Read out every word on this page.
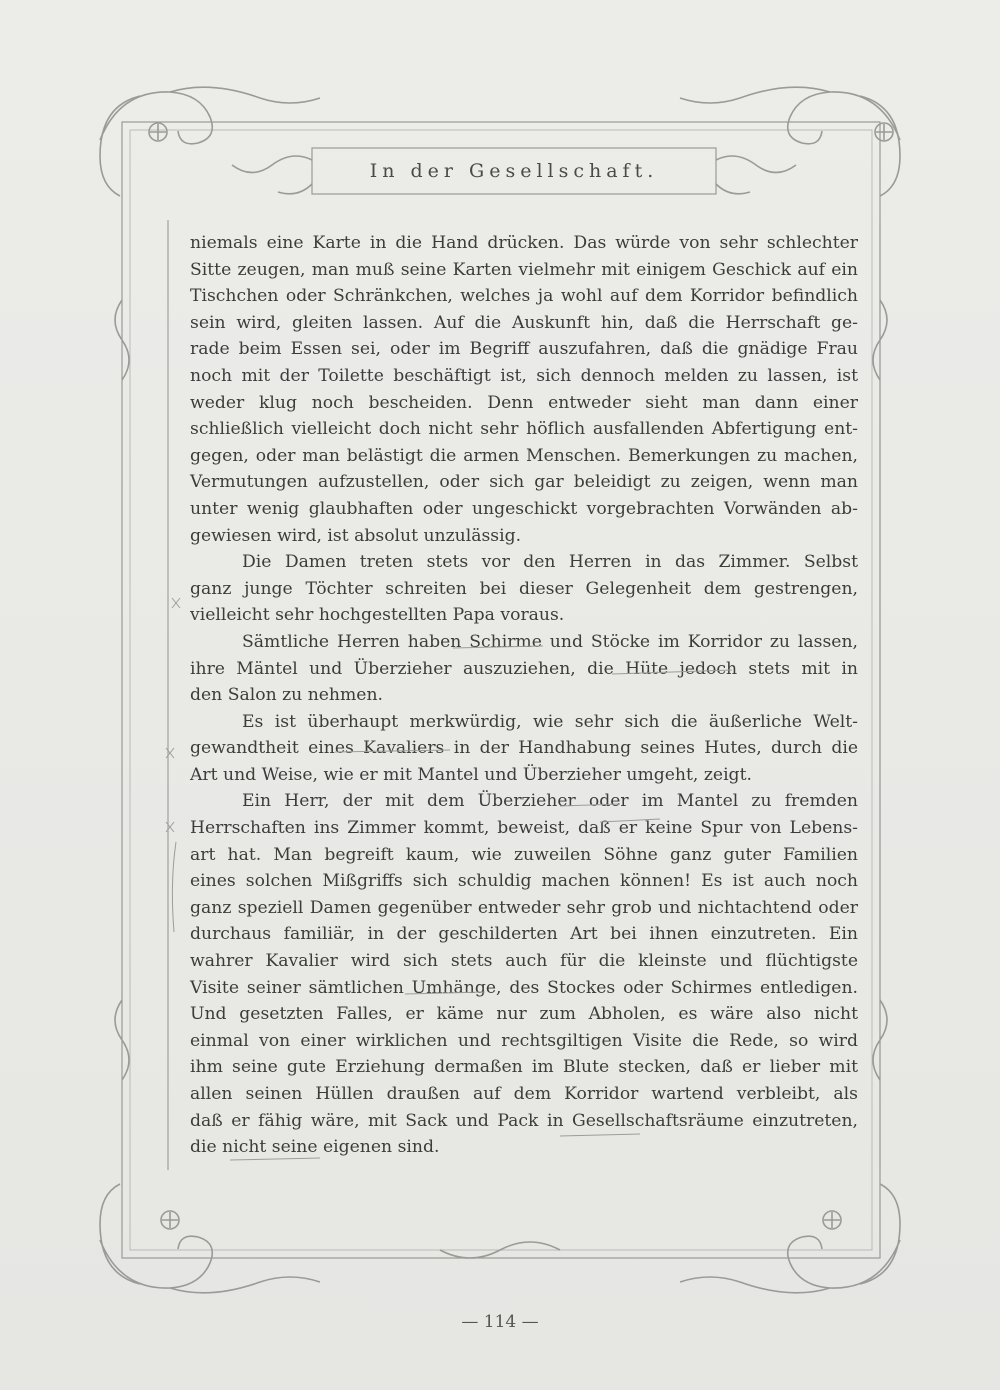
In der Gesellschaft.
niemals eine Karte in die Hand drücken. Das würde von sehr schlechter
Sitte zeugen, man muß seine Karten vielmehr mit einigem Geschick auf ein
Tischchen oder Schränkchen, welches ja wohl auf dem Korridor befindlich
sein wird, gleiten lassen. Auf die Auskunft hin, daß die Herrschaft ge-
rade beim Essen sei, oder im Begriff auszufahren, daß die gnädige Frau
noch mit der Toilette beschäftigt ist, sich dennoch melden zu lassen, ist
weder klug noch bescheiden. Denn entweder sieht man dann einer
schließlich vielleicht doch nicht sehr höflich ausfallenden Abfertigung ent-
gegen, oder man belästigt die armen Menschen. Bemerkungen zu machen,
Vermutungen aufzustellen, oder sich gar beleidigt zu zeigen, wenn man
unter wenig glaubhaften oder ungeschickt vorgebrachten Vorwänden ab-
gewiesen wird, ist absolut unzulässig.
Die Damen treten stets vor den Herren in das Zimmer. Selbst
ganz junge Töchter schreiten bei dieser Gelegenheit dem gestrengen,
vielleicht sehr hochgestellten Papa voraus.
Sämtliche Herren haben Schirme und Stöcke im Korridor zu lassen,
ihre Mäntel und Überzieher auszuziehen, die Hüte jedoch stets mit in
den Salon zu nehmen.
Es ist überhaupt merkwürdig, wie sehr sich die äußerliche Welt-
gewandtheit eines Kavaliers in der Handhabung seines Hutes, durch die
Art und Weise, wie er mit Mantel und Überzieher umgeht, zeigt.
Ein Herr, der mit dem Überzieher oder im Mantel zu fremden
Herrschaften ins Zimmer kommt, beweist, daß er keine Spur von Lebens-
art hat. Man begreift kaum, wie zuweilen Söhne ganz guter Familien
eines solchen Mißgriffs sich schuldig machen können! Es ist auch noch
ganz speziell Damen gegenüber entweder sehr grob und nichtachtend oder
durchaus familiär, in der geschilderten Art bei ihnen einzutreten. Ein
wahrer Kavalier wird sich stets auch für die kleinste und flüchtigste
Visite seiner sämtlichen Umhänge, des Stockes oder Schirmes entledigen.
Und gesetzten Falles, er käme nur zum Abholen, es wäre also nicht
einmal von einer wirklichen und rechtsgiltigen Visite die Rede, so wird
ihm seine gute Erziehung dermaßen im Blute stecken, daß er lieber mit
allen seinen Hüllen draußen auf dem Korridor wartend verbleibt, als
daß er fähig wäre, mit Sack und Pack in Gesellschaftsräume einzutreten,
die nicht seine eigenen sind.
— 114 —
